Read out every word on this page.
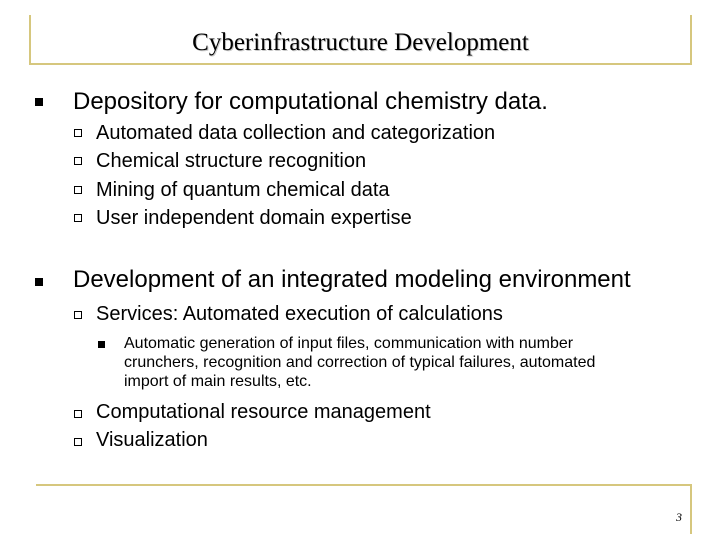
Cyberinfrastructure Development
Depository for computational chemistry data.
Automated data collection and categorization
Chemical structure recognition
Mining of quantum chemical data
User independent domain expertise
Development of an integrated modeling environment
Services: Automated execution of calculations
Automatic generation of input files, communication with number crunchers, recognition and correction of typical failures, automated import of main results, etc.
Computational resource management
Visualization
3
